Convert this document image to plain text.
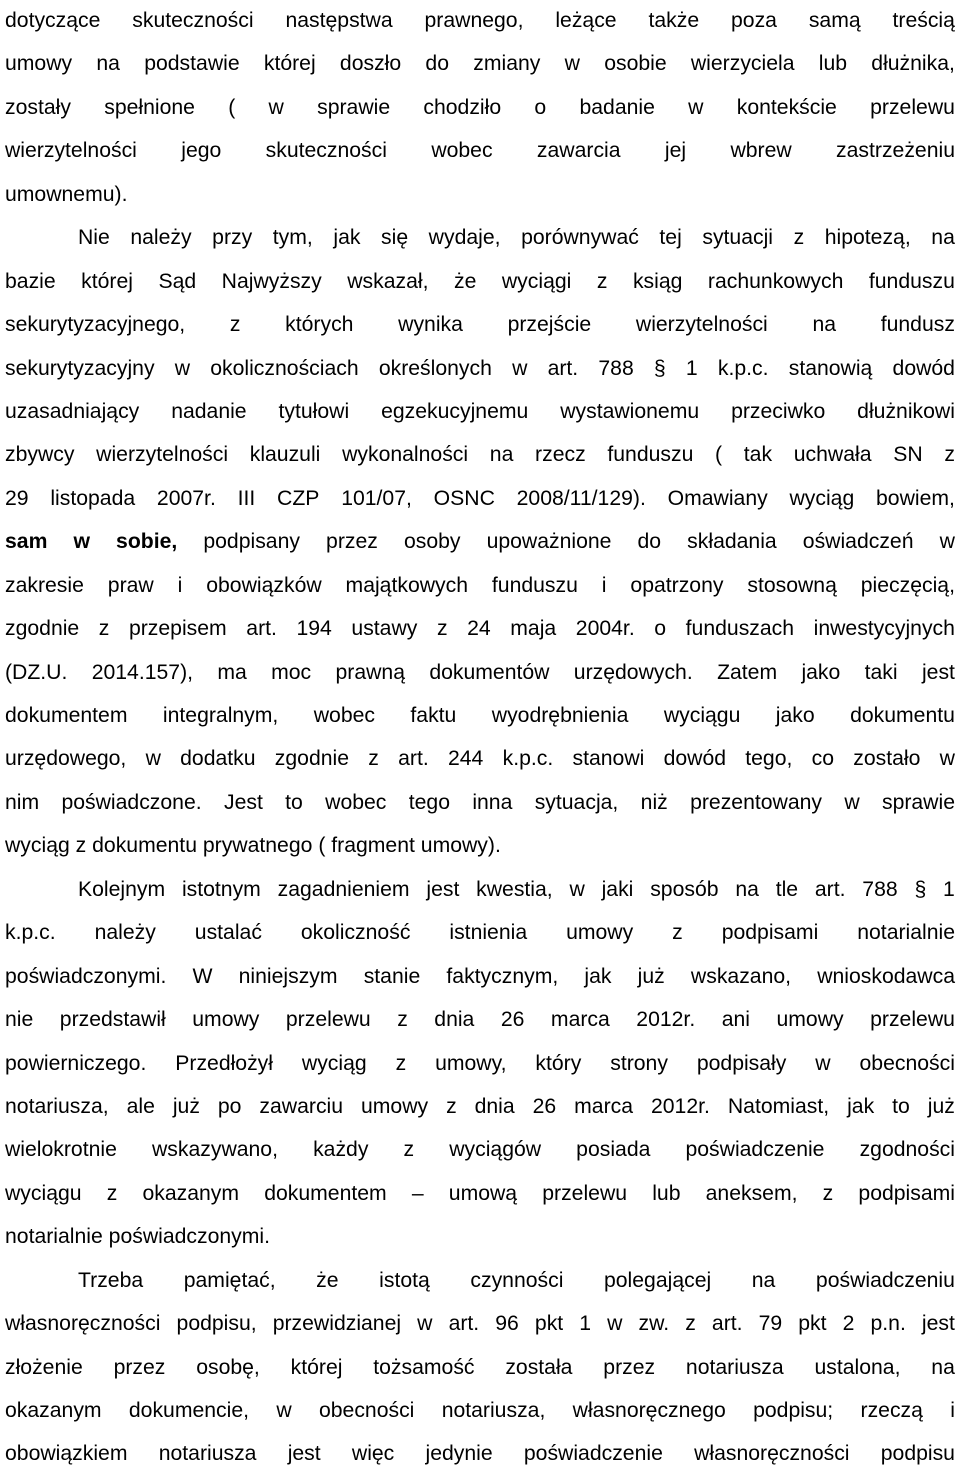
dotyczące skuteczności następstwa prawnego, leżące także poza samą treścią
umowy na podstawie której doszło do zmiany w osobie wierzyciela lub dłużnika,
zostały spełnione ( w sprawie chodziło o badanie w kontekście przelewu
wierzytelności jego skuteczności wobec zawarcia jej wbrew zastrzeżeniu
umownemu).
Nie należy przy tym, jak się wydaje, porównywać tej sytuacji z hipotezą, na
bazie której Sąd Najwyższy wskazał, że wyciągi z ksiąg rachunkowych funduszu
sekurytyzacyjnego, z których wynika przejście wierzytelności na fundusz
sekurytyzacyjny w okolicznościach określonych w art. 788 § 1 k.p.c. stanowią dowód
uzasadniający nadanie tytułowi egzekucyjnemu wystawionemu przeciwko dłużnikowi
zbywcy wierzytelności klauzuli wykonalności na rzecz funduszu ( tak uchwała SN z
29 listopada 2007r. III CZP 101/07, OSNC 2008/11/129). Omawiany wyciąg bowiem,
sam w sobie, podpisany przez osoby upoważnione do składania oświadczeń w
zakresie praw i obowiązków majątkowych funduszu i opatrzony stosowną pieczęcią,
zgodnie z przepisem art. 194 ustawy z 24 maja 2004r. o funduszach inwestycyjnych
(DZ.U. 2014.157), ma moc prawną dokumentów urzędowych. Zatem jako taki jest
dokumentem integralnym, wobec faktu wyodrębnienia wyciągu jako dokumentu
urzędowego, w dodatku zgodnie z art. 244 k.p.c. stanowi dowód tego, co zostało w
nim poświadczone. Jest to wobec tego inna sytuacja, niż prezentowany w sprawie
wyciąg
z
dokumentu
prywatnego
(
fragment
umowy).
Kolejnym istotnym zagadnieniem jest kwestia, w jaki sposób na tle art. 788 § 1
k.p.c. należy ustalać okoliczność istnienia umowy z podpisami notarialnie
poświadczonymi. W niniejszym stanie faktycznym, jak już wskazano, wnioskodawca
nie przedstawił umowy przelewu z dnia 26 marca 2012r. ani umowy przelewu
powierniczego. Przedłożył wyciąg z umowy, który strony podpisały w obecności
notariusza, ale już po zawarciu umowy z dnia 26 marca 2012r. Natomiast, jak to już
wielokrotnie wskazywano, każdy z wyciągów posiada poświadczenie zgodności
wyciągu z okazanym dokumentem – umową przelewu lub aneksem, z podpisami
notarialnie
poświadczonymi.
Trzeba pamiętać, że istotą czynności polegającej na poświadczeniu
własnoręczności podpisu, przewidzianej w art. 96 pkt 1 w zw. z art. 79 pkt 2 p.n. jest
złożenie przez osobę, której tożsamość została przez notariusza ustalona, na
okazanym dokumencie, w obecności notariusza, własnoręcznego podpisu; rzeczą i
obowiązkiem notariusza jest więc jedynie poświadczenie własnoręczności podpisu
